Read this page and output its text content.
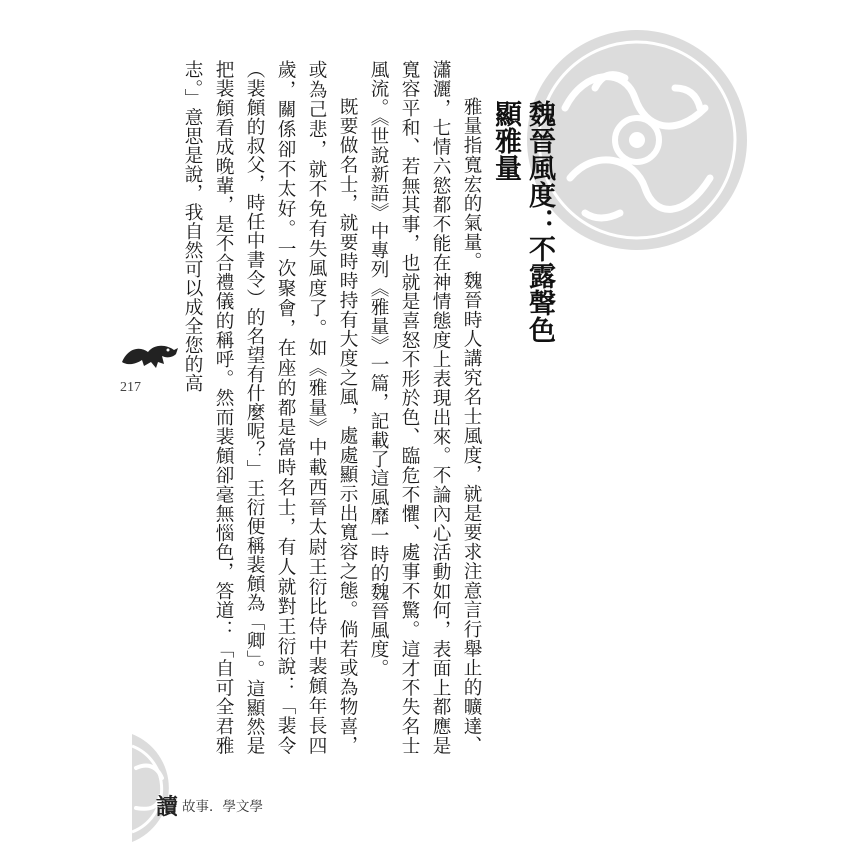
魏晉風度：不露聲色顯雅量

雅量指寬宏的氣量。魏晉時人講究名士風度，就是要求注意言行舉止的曠達、瀟灑，七情六慾都不能在神情態度上表現出來。不論內心活動如何，表面上都應是寬容平和、若無其事，也就是喜怒不形於色、臨危不懼、處事不驚。這才不失名士風流。《世說新語》中專列《雅量》一篇，記載了這風靡一時的魏晉風度。

既要做名士，就要時時持有大度之風，處處顯示出寬容之態。倘若或為物喜，或為己悲，就不免有失風度了。如《雅量》中載西晉太尉王衍比侍中裴頠年長四歲，關係卻不太好。一次聚會，在座的都是當時名士，有人就對王衍說：「裴令（裴頠的叔父，時任中書令）的名望有什麼呢？」王衍便稱裴頠為「卿」。這顯然是把裴頠看成晚輩，是不合禮儀的稱呼。然而裴頠卻毫無惱色，答道：「自可全君雅志。」意思是說，我自然可以成全您的高

217
讀 故事．學文學
